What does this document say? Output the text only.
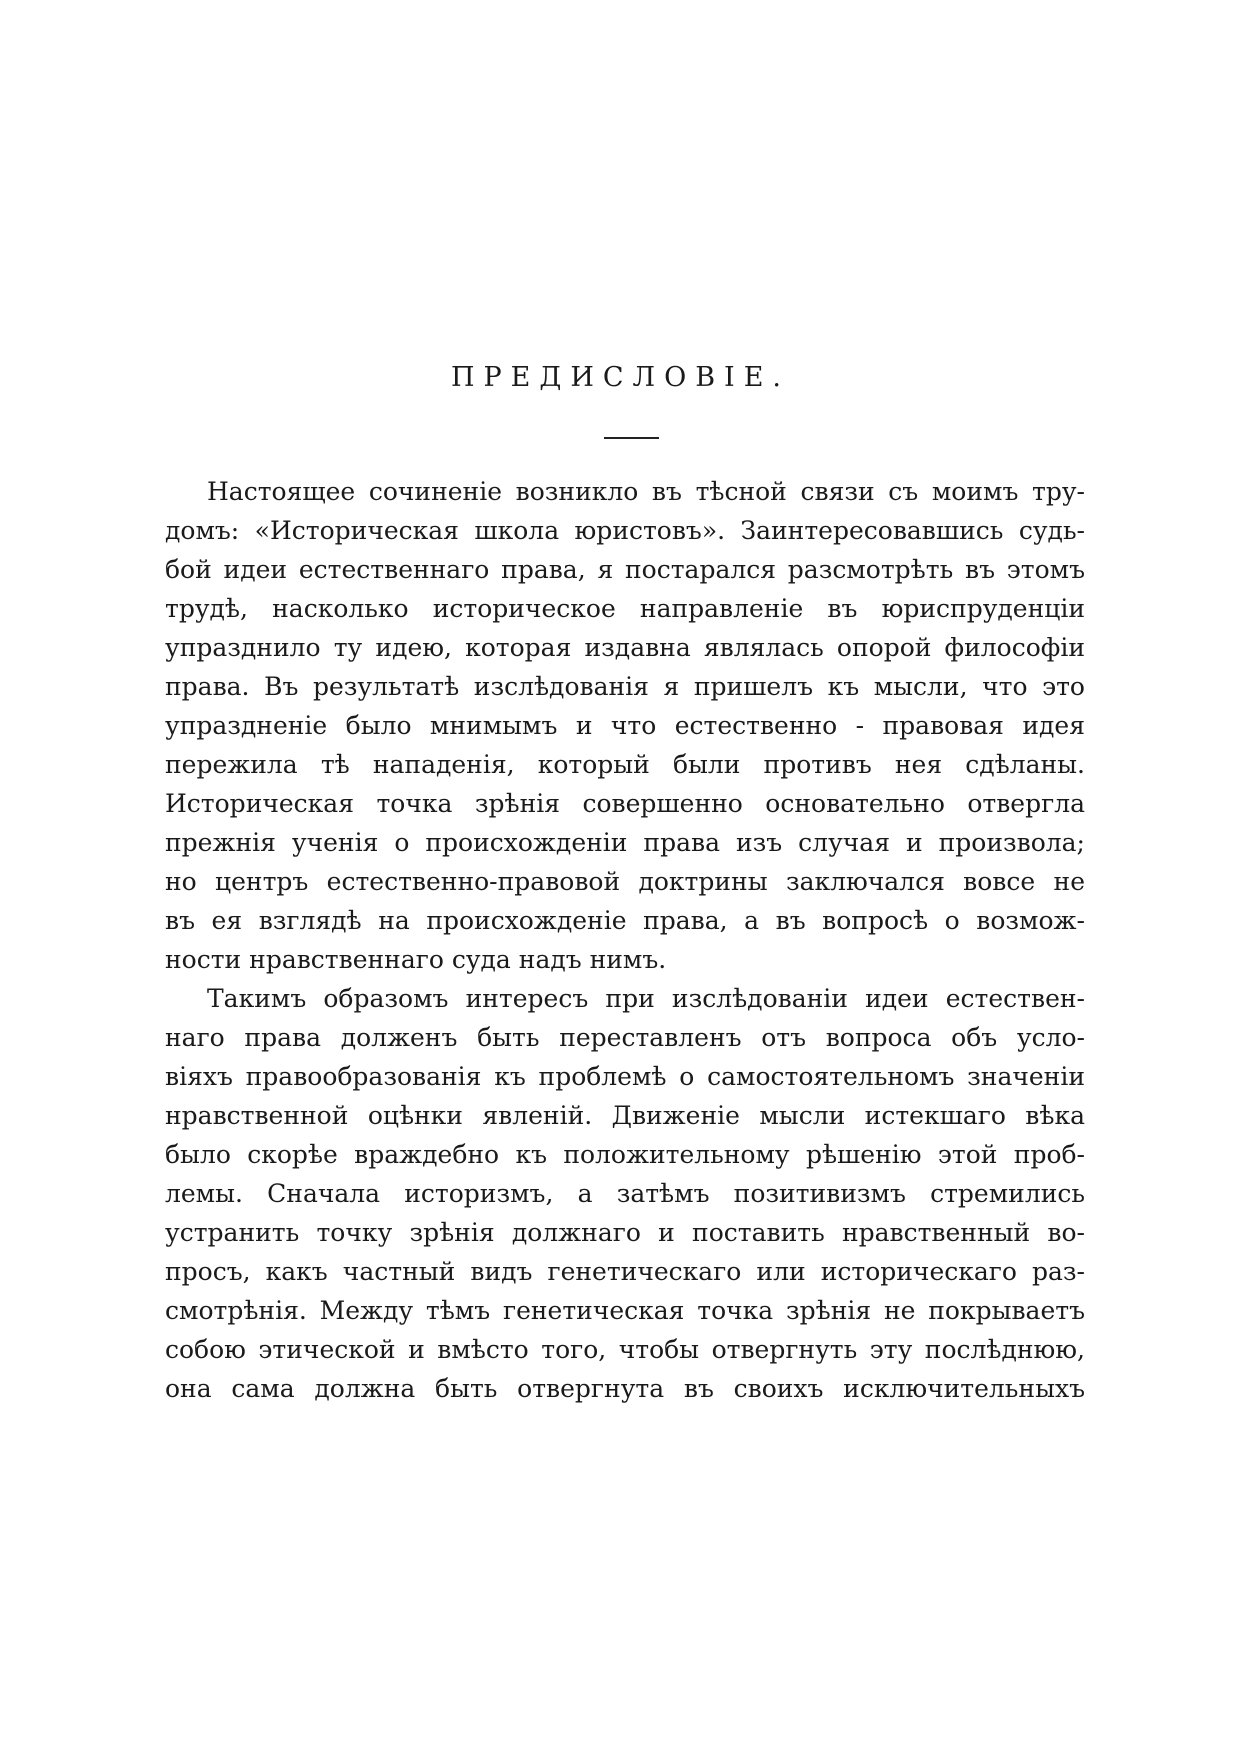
ПРЕДИСЛОВІЕ.
Настоящее сочиненіе возникло въ тѣсной связи съ моимъ тру-
домъ: «Историческая школа юристовъ». Заинтересовавшись судь-
бой идеи естественнаго права, я постарался разсмотрѣть въ этомъ
трудѣ, насколько историческое направленіе въ юриспруденціи
упразднило ту идею, которая издавна являлась опорой философіи
права. Въ результатѣ изслѣдованія я пришелъ къ мысли, что это
упраздненіе было мнимымъ и что естественно - правовая идея
пережила тѣ нападенія, который были противъ нея сдѣланы.
Историческая точка зрѣнія совершенно основательно отвергла
прежнія ученія о происхожденіи права изъ случая и произвола;
но центръ естественно-правовой доктрины заключался вовсе не
въ ея взглядѣ на происхожденіе права, а въ вопросѣ о возмож-
ности нравственнаго суда надъ нимъ.
Такимъ образомъ интересъ при изслѣдованіи идеи естествен-
наго права долженъ быть переставленъ отъ вопроса объ усло-
віяхъ правообразованія къ проблемѣ о самостоятельномъ значеніи
нравственной оцѣнки явленій. Движеніе мысли истекшаго вѣка
было скорѣе враждебно къ положительному рѣшенію этой проб-
лемы. Сначала историзмъ, а затѣмъ позитивизмъ стремились
устранить точку зрѣнія должнаго и поставить нравственный во-
просъ, какъ частный видъ генетическаго или историческаго раз-
смотрѣнія. Между тѣмъ генетическая точка зрѣнія не покрываетъ
собою этической и вмѣсто того, чтобы отвергнуть эту послѣднюю,
она сама должна быть отвергнута въ своихъ исключительныхъ
